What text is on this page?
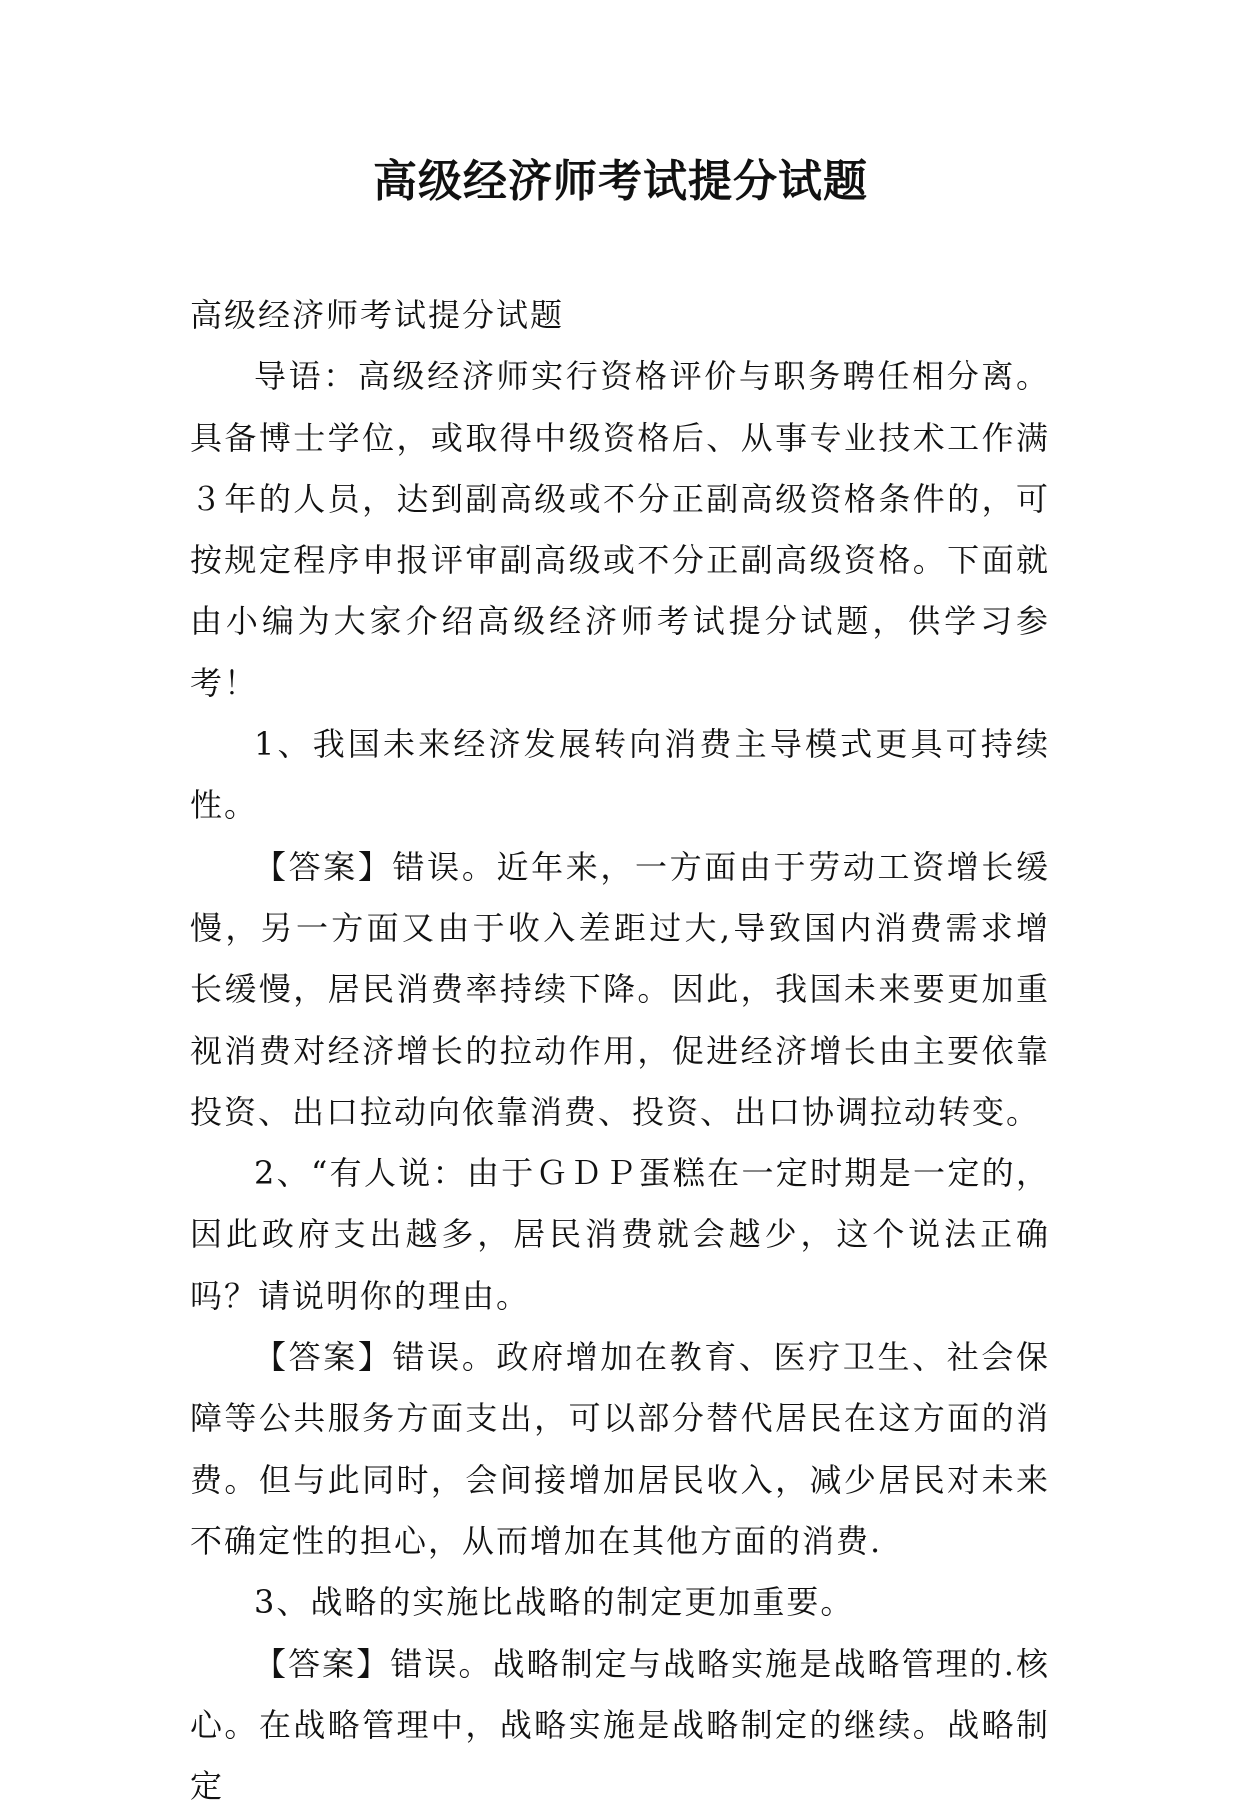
高级经济师考试提分试题

高级经济师考试提分试题

导语：高级经济师实行资格评价与职务聘任相分离。具备博士学位，或取得中级资格后、从事专业技术工作满３年的人员，达到副高级或不分正副高级资格条件的，可按规定程序申报评审副高级或不分正副高级资格。下面就由小编为大家介绍高级经济师考试提分试题，供学习参考！

1、我国未来经济发展转向消费主导模式更具可持续性。

【答案】错误。近年来，一方面由于劳动工资增长缓慢，另一方面又由于收入差距过大,导致国内消费需求增长缓慢，居民消费率持续下降。因此，我国未来要更加重视消费对经济增长的拉动作用，促进经济增长由主要依靠投资、出口拉动向依靠消费、投资、出口协调拉动转变。

2、“有人说：由于ＧＤＰ蛋糕在一定时期是一定的，因此政府支出越多，居民消费就会越少，这个说法正确吗？请说明你的理由。

【答案】错误。政府增加在教育、医疗卫生、社会保障等公共服务方面支出，可以部分替代居民在这方面的消费。但与此同时，会间接增加居民收入，减少居民对未来不确定性的担心，从而增加在其他方面的消费.

3、战略的实施比战略的制定更加重要。

【答案】错误。战略制定与战略实施是战略管理的.核心。在战略管理中，战略实施是战略制定的继续。战略制定
